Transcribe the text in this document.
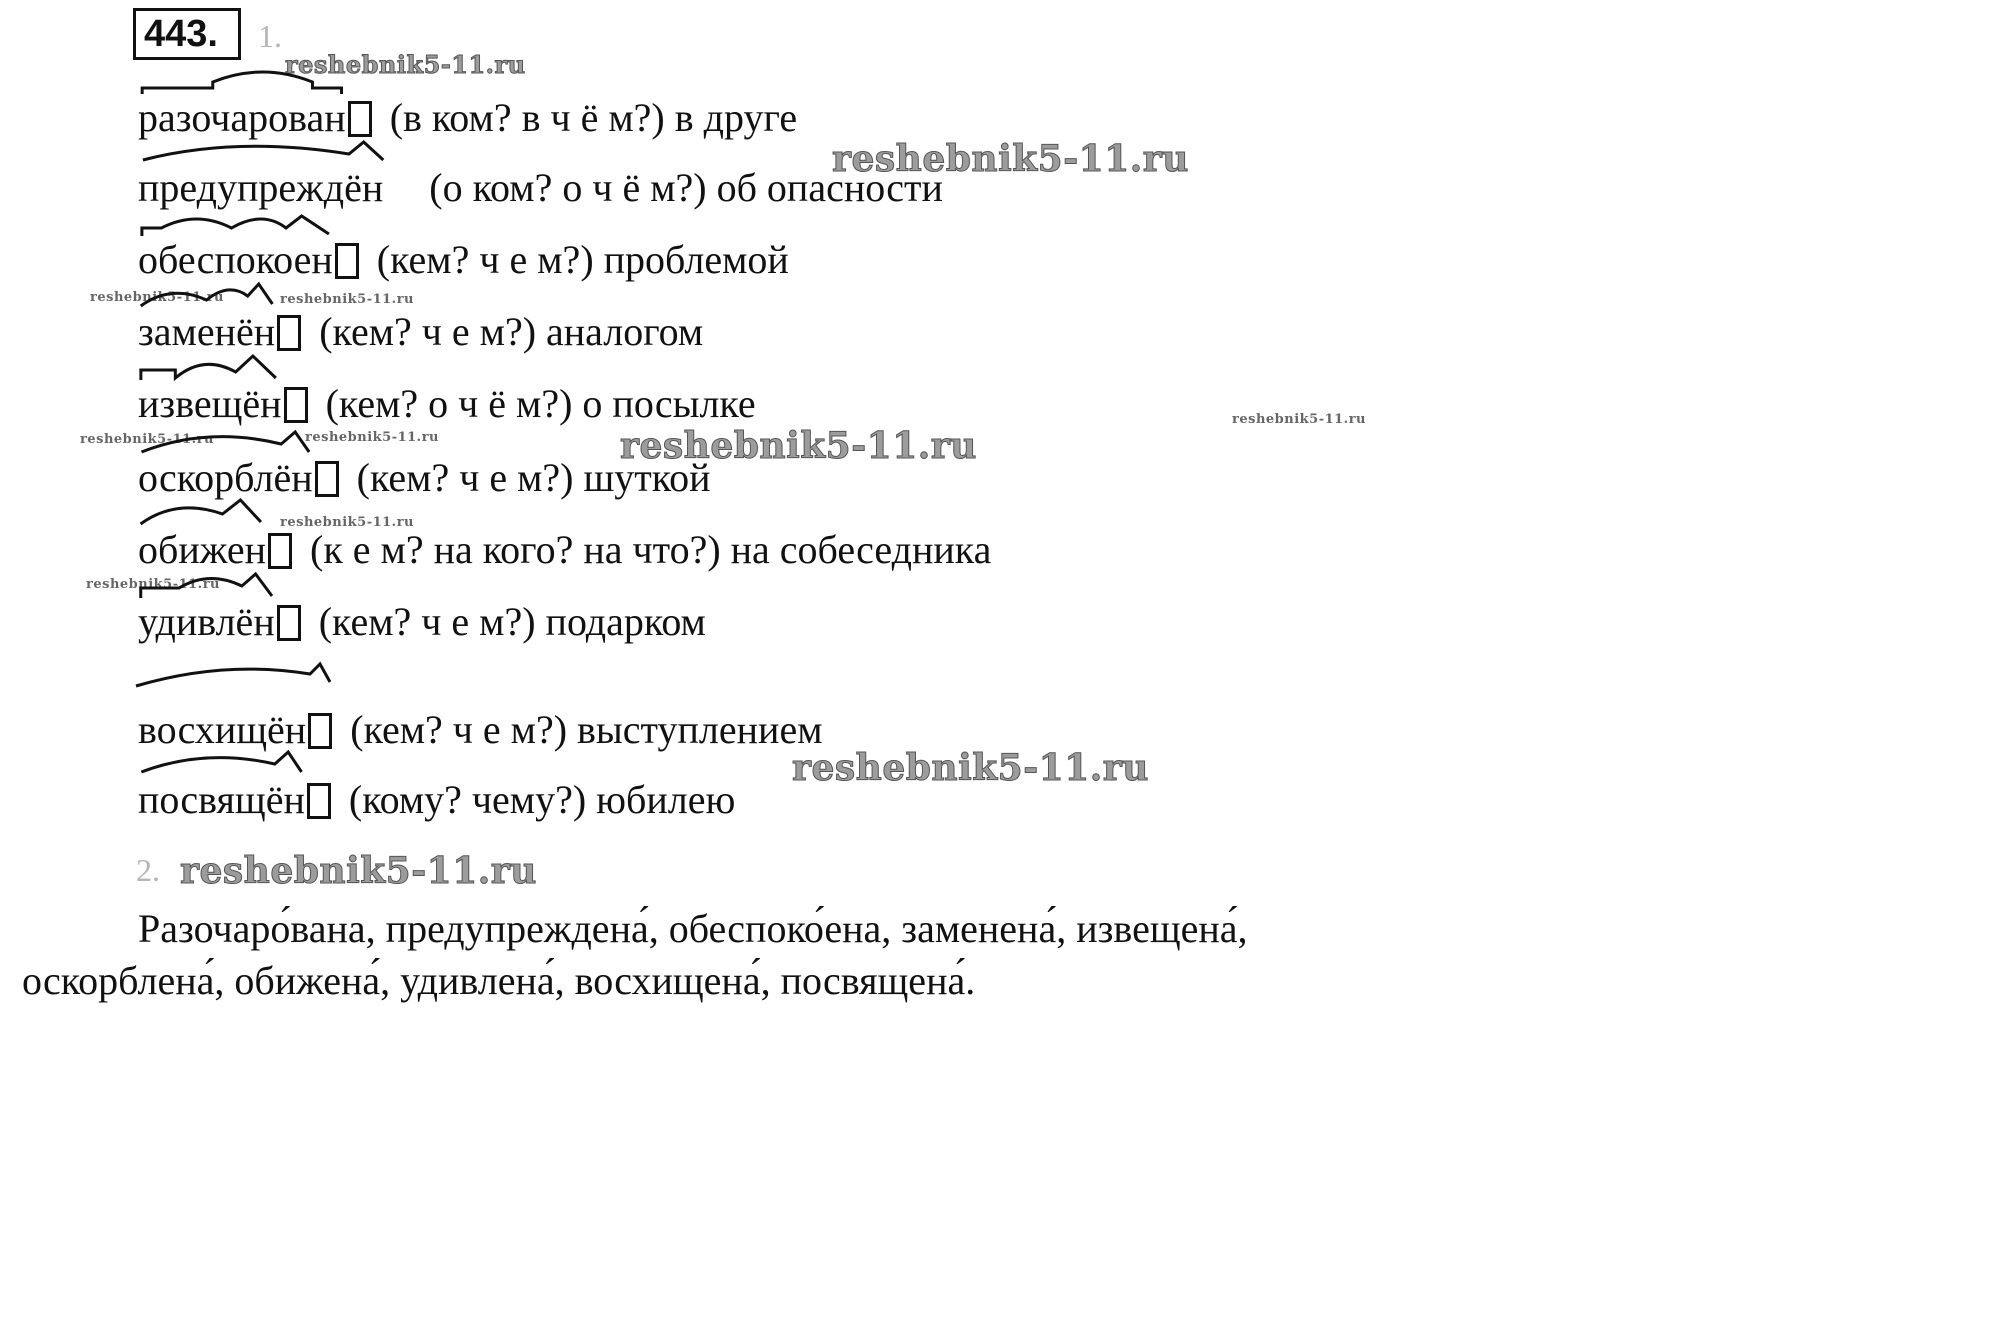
443.	1.
reshebnik5-11.ru
reshebnik5-11.ru
reshebnik5-11.ru	reshebnik5-11.ru
reshebnik5-11.ru
reshebnik5-11.ru	reshebnik5-11.ru	reshebnik5-11.ru
reshebnik5-11.ru
reshebnik5-11.ru
reshebnik5-11.ru
reshebnik5-11.ru
разочарован (в ком? в ч ё м?) в друге
предупреждён (о ком? о ч ё м?) об опасности
обеспокоен (кем? ч е м?) проблемой
заменён (кем? ч е м?) аналогом
извещён (кем? о ч ё м?) о посылке
оскорблён (кем? ч е м?) шуткой
обижен (к е м? на кого? на что?) на собеседника
удивлён (кем? ч е м?) подарком
восхищён (кем? ч е м?) выступлением
посвящён (кому? чему?) юбилею
2.
Разочаро́вана, предупреждена́, обеспоко́ена, заменена́, извещена́,
оскорблена́, обижена́, удивлена́, восхищена́, посвящена́.
